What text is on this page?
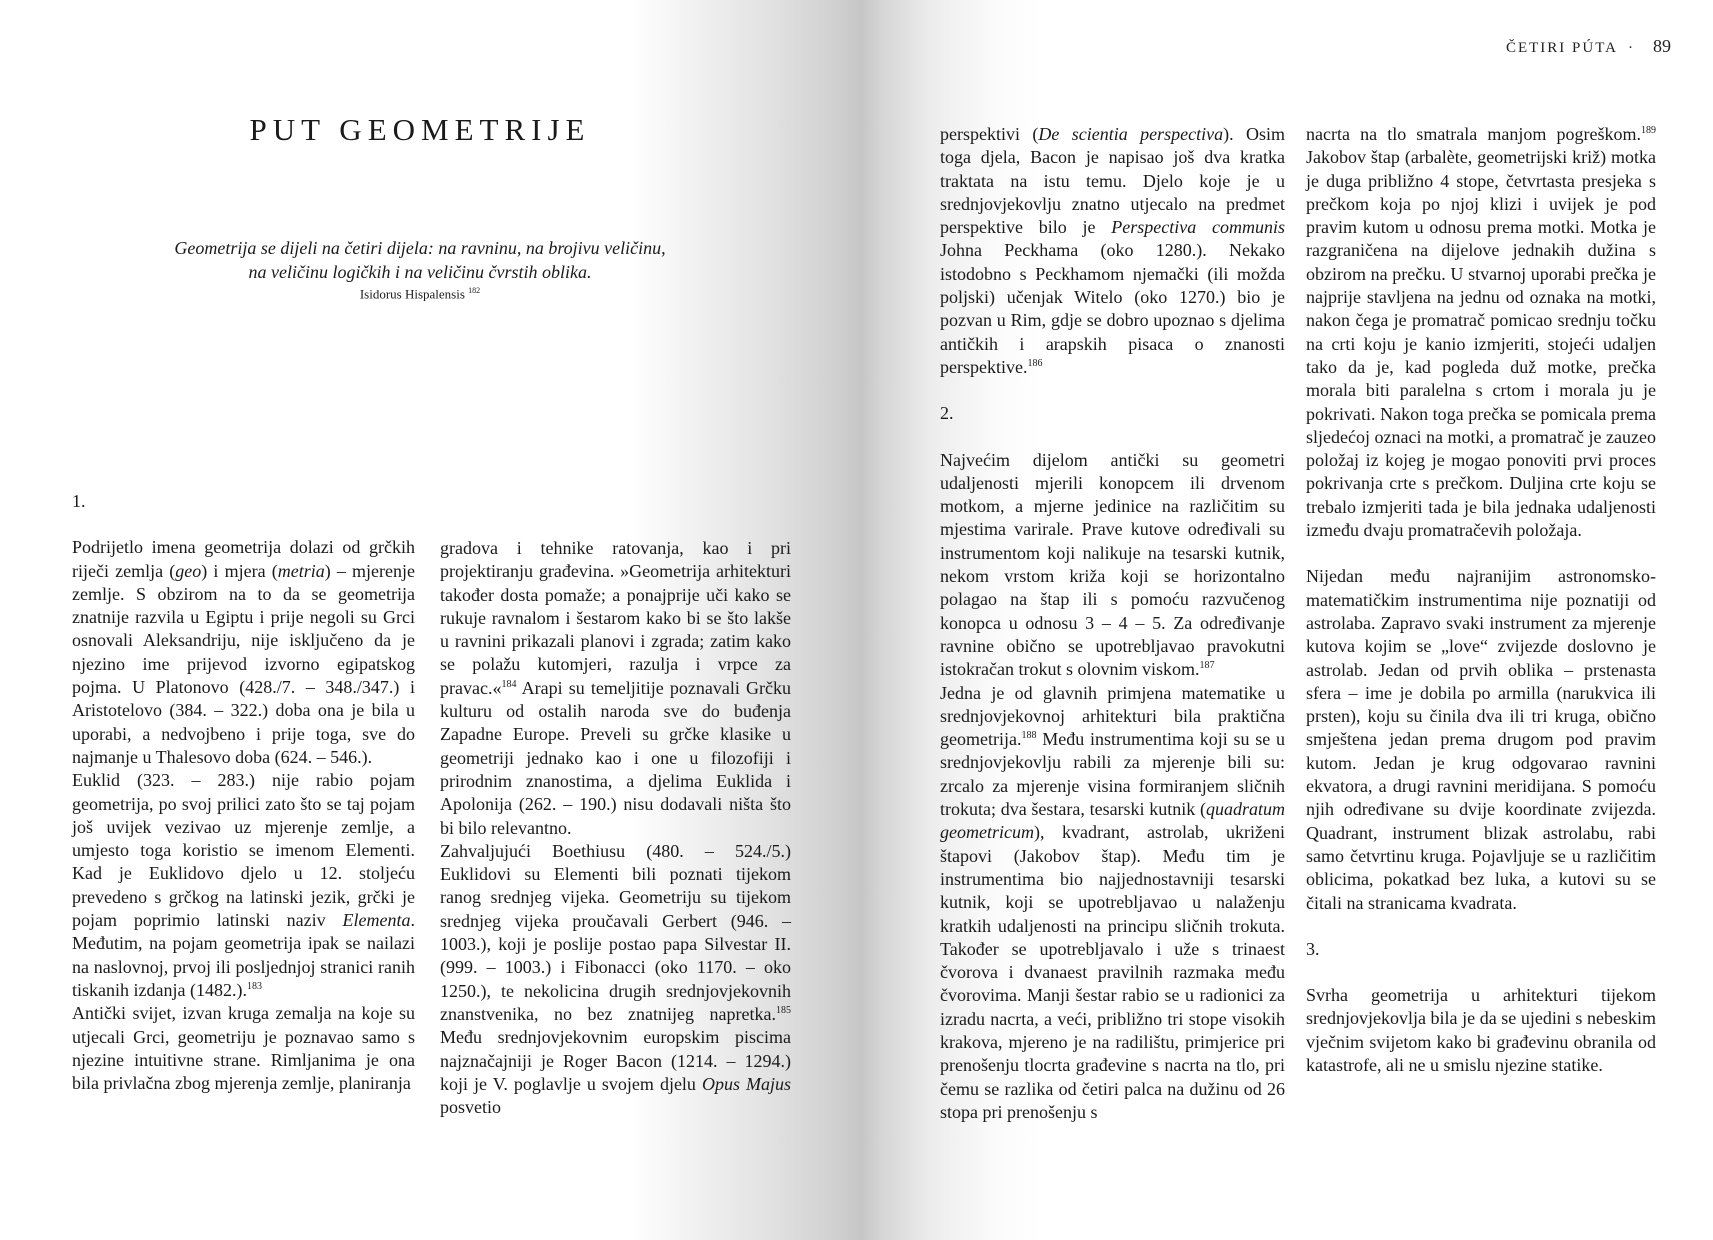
ČETIRI PÚTA · 89
PUT GEOMETRIJE

Geometrija se dijeli na četiri dijela: na ravninu, na brojivu veličinu,
na veličinu logičkih i na veličinu čvrstih oblika.

Isidorus Hispalensis $^{182}$

1.

Podrijetlo imena geometrija dolazi od grčkih riječi zemlja (geo) i mjera (metria) – mjerenje zemlje. S obzirom na to da se geometrija znatnije razvila u Egiptu i prije negoli su Grci osnovali Aleksandriju, nije isključeno da je njezino ime prijevod izvorno egipatskog pojma. U Platonovo (428./7. – 348./347.) i Aristotelovo (384. – 322.) doba ona je bila u uporabi, a nedvojbeno i prije toga, sve do najmanje u Thalesovo doba (624. – 546.).

Euklid (323. – 283.) nije rabio pojam geometrija, po svoj prilici zato što se taj pojam još uvijek vezivao uz mjerenje zemlje, a umjesto toga koristio se imenom Elementi. Kad je Euklidovo djelo u 12. stoljeću prevedeno s grčkog na latinski jezik, grčki je pojam poprimio latinski naziv Elementa. Međutim, na pojam geometrija ipak se nailazi na naslovnoj, prvoj ili posljednjoj stranici ranih tiskanih izdanja (1482.).$^{183}$

Antički svijet, izvan kruga zemalja na koje su utjecali Grci, geometriju je poznavao samo s njezine intuitivne strane. Rimljanima je ona bila privlačna zbog mjerenja zemlje, planiranja

gradova i tehnike ratovanja, kao i pri projektiranju građevina. »Geometrija arhitekturi također dosta pomaže; a ponajprije uči kako se rukuje ravnalom i šestarom kako bi se što lakše u ravnini prikazali planovi i zgrada; zatim kako se polažu kutomjeri, razulja i vrpce za pravac.«$^{184}$ Arapi su temeljitije poznavali Grčku kulturu od ostalih naroda sve do buđenja Zapadne Europe. Preveli su grčke klasike u geometriji jednako kao i one u filozofiji i prirodnim znanostima, a djelima Euklida i Apolonija (262. – 190.) nisu dodavali ništa što bi bilo relevantno.

Zahvaljujući Boethiusu (480. – 524./5.) Euklidovi su Elementi bili poznati tijekom ranog srednjeg vijeka. Geometriju su tijekom srednjeg vijeka proučavali Gerbert (946. – 1003.), koji je poslije postao papa Silvestar II. (999. – 1003.) i Fibonacci (oko 1170. – oko 1250.), te nekolicina drugih srednjovjekovnih znanstvenika, no bez znatnijeg napretka.$^{185}$ Među srednjovjekovnim europskim piscima najznačajniji je Roger Bacon (1214. – 1294.) koji je V. poglavlje u svojem djelu Opus Majus posvetio

perspektivi (De scientia perspectiva). Osim toga djela, Bacon je napisao još dva kratka traktata na istu temu. Djelo koje je u srednjovjekovlju znatno utjecalo na predmet perspektive bilo je Perspectiva communis Johna Peckhama (oko 1280.). Nekako istodobno s Peckhamom njemački (ili možda poljski) učenjak Witelo (oko 1270.) bio je pozvan u Rim, gdje se dobro upoznao s djelima antičkih i arapskih pisaca o znanosti perspektive.$^{186}$

2.

Najvećim dijelom antički su geometri udaljenosti mjerili konopcem ili drvenom motkom, a mjerne jedinice na različitim su mjestima varirale. Prave kutove određivali su instrumentom koji nalikuje na tesarski kutnik, nekom vrstom križa koji se horizontalno polagao na štap ili s pomoću razvučenog konopca u odnosu 3 – 4 – 5. Za određivanje ravnine obično se upotrebljavao pravokutni istokračan trokut s olovnim viskom.$^{187}$

Jedna je od glavnih primjena matematike u srednjovjekovnoj arhitekturi bila praktična geometrija.$^{188}$ Među instrumentima koji su se u srednjovjekovlju rabili za mjerenje bili su: zrcalo za mjerenje visina formiranjem sličnih trokuta; dva šestara, tesarski kutnik (quadratum geometricum), kvadrant, astrolab, ukriženi štapovi (Jakobov štap). Među tim je instrumentima bio najjednostavniji tesarski kutnik, koji se upotrebljavao u nalaženju kratkih udaljenosti na principu sličnih trokuta. Također se upotrebljavalo i uže s trinaest čvorova i dvanaest pravilnih razmaka među čvorovima. Manji šestar rabio se u radionici za izradu nacrta, a veći, približno tri stope visokih krakova, mjereno je na radilištu, primjerice pri prenošenju tlocrta građevine s nacrta na tlo, pri čemu se razlika od četiri palca na dužinu od 26 stopa pri prenošenju s

nacrta na tlo smatrala manjom pogreškom.$^{189}$ Jakobov štap (arbalète, geometrijski križ) motka je duga približno 4 stope, četvrtasta presjeka s prečkom koja po njoj klizi i uvijek je pod pravim kutom u odnosu prema motki. Motka je razgraničena na dijelove jednakih dužina s obzirom na prečku. U stvarnoj uporabi prečka je najprije stavljena na jednu od oznaka na motki, nakon čega je promatrač pomicao srednju točku na crti koju je kanio izmjeriti, stojeći udaljen tako da je, kad pogleda duž motke, prečka morala biti paralelna s crtom i morala ju je pokrivati. Nakon toga prečka se pomicala prema sljedećoj oznaci na motki, a promatrač je zauzeo položaj iz kojeg je mogao ponoviti prvi proces pokrivanja crte s prečkom. Duljina crte koju se trebalo izmjeriti tada je bila jednaka udaljenosti između dvaju promatračevih položaja.

Nijedan među najranijim astronomsko-matematičkim instrumentima nije poznatiji od astrolaba. Zapravo svaki instrument za mjerenje kutova kojim se „love“ zvijezde doslovno je astrolab. Jedan od prvih oblika – prstenasta sfera – ime je dobila po armilla (narukvica ili prsten), koju su činila dva ili tri kruga, obično smještena jedan prema drugom pod pravim kutom. Jedan je krug odgovarao ravnini ekvatora, a drugi ravnini meridijana. S pomoću njih određivane su dvije koordinate zvijezda. Quadrant, instrument blizak astrolabu, rabi samo četvrtinu kruga. Pojavljuje se u različitim oblicima, pokatkad bez luka, a kutovi su se čitali na stranicama kvadrata.

3.

Svrha geometrija u arhitekturi tijekom srednjovjekovlja bila je da se ujedini s nebeskim vječnim svijetom kako bi građevinu obranila od katastrofe, ali ne u smislu njezine statike.
